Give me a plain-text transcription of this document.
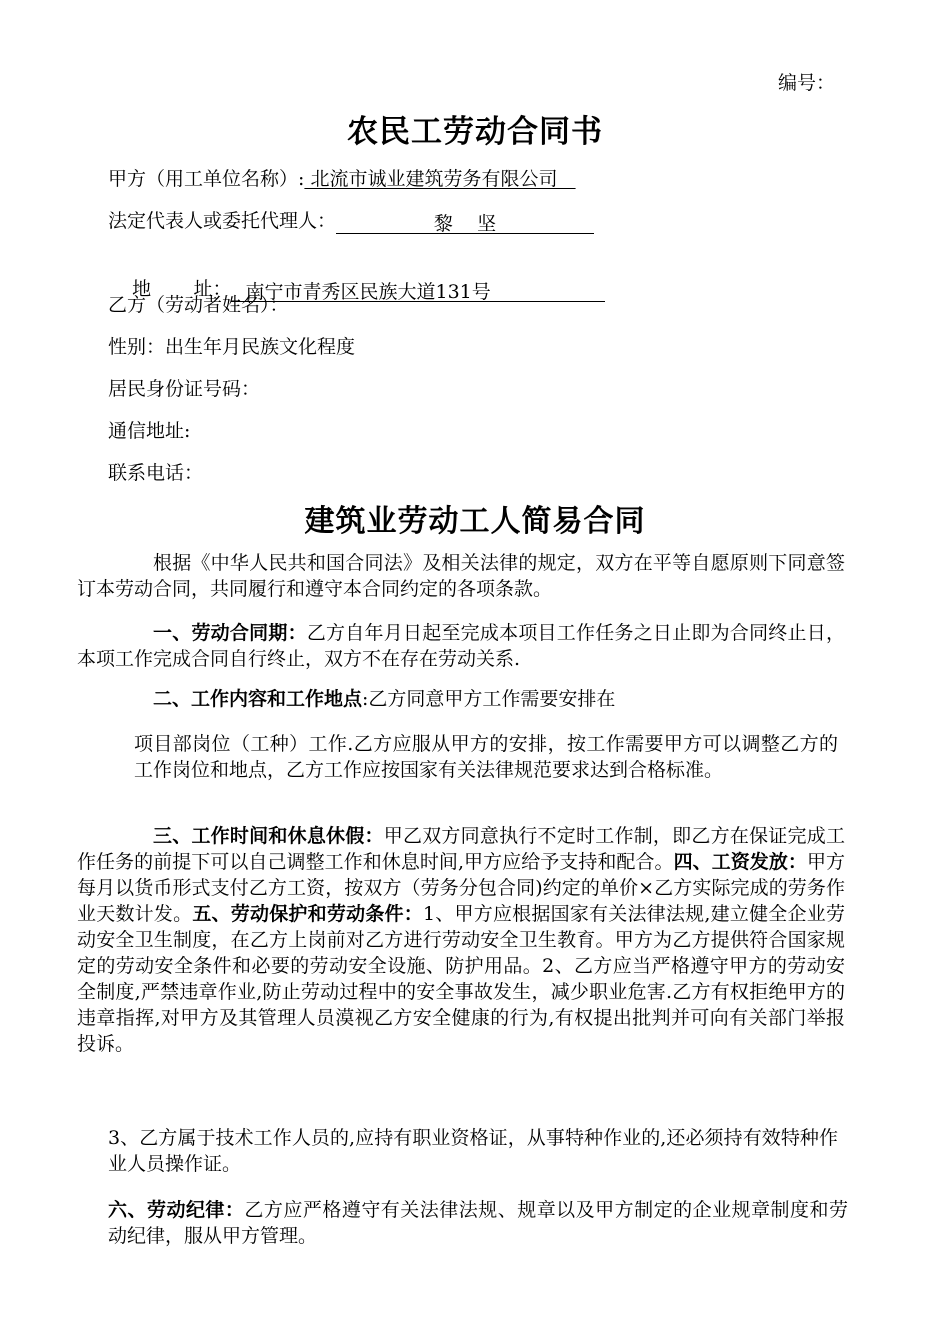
编号：
农民工劳动合同书
甲方（用工单位名称）: 北流市诚业建筑劳务有限公司
法定代表人或委托代理人：	黎    坚

地       址： 南宁市青秀区民族大道131号

乙方（劳动者姓名）：
性别：出生年月民族文化程度
居民身份证号码：
通信地址:
联系电话：
建筑业劳动工人简易合同
根据《中华人民共和国合同法》及相关法律的规定，双方在平等自愿原则下同意签订本劳动合同，共同履行和遵守本合同约定的各项条款。
一、劳动合同期：乙方自年月日起至完成本项目工作任务之日止即为合同终止日，本项工作完成合同自行终止，双方不在存在劳动关系.
二、工作内容和工作地点:乙方同意甲方工作需要安排在
项目部岗位（工种）工作.乙方应服从甲方的安排，按工作需要甲方可以调整乙方的工作岗位和地点，乙方工作应按国家有关法律规范要求达到合格标准。
三、工作时间和休息休假：甲乙双方同意执行不定时工作制，即乙方在保证完成工作任务的前提下可以自己调整工作和休息时间,甲方应给予支持和配合。四、工资发放：甲方每月以货币形式支付乙方工资，按双方（劳务分包合同)约定的单价×乙方实际完成的劳务作业天数计发。五、劳动保护和劳动条件：1、甲方应根据国家有关法律法规,建立健全企业劳动安全卫生制度，在乙方上岗前对乙方进行劳动安全卫生教育。甲方为乙方提供符合国家规定的劳动安全条件和必要的劳动安全设施、防护用品。2、乙方应当严格遵守甲方的劳动安全制度,严禁违章作业,防止劳动过程中的安全事故发生，减少职业危害.乙方有权拒绝甲方的违章指挥,对甲方及其管理人员漠视乙方安全健康的行为,有权提出批判并可向有关部门举报投诉。
3、乙方属于技术工作人员的,应持有职业资格证，从事特种作业的,还必须持有效特种作业人员操作证。
六、劳动纪律：乙方应严格遵守有关法律法规、规章以及甲方制定的企业规章制度和劳动纪律，服从甲方管理。
